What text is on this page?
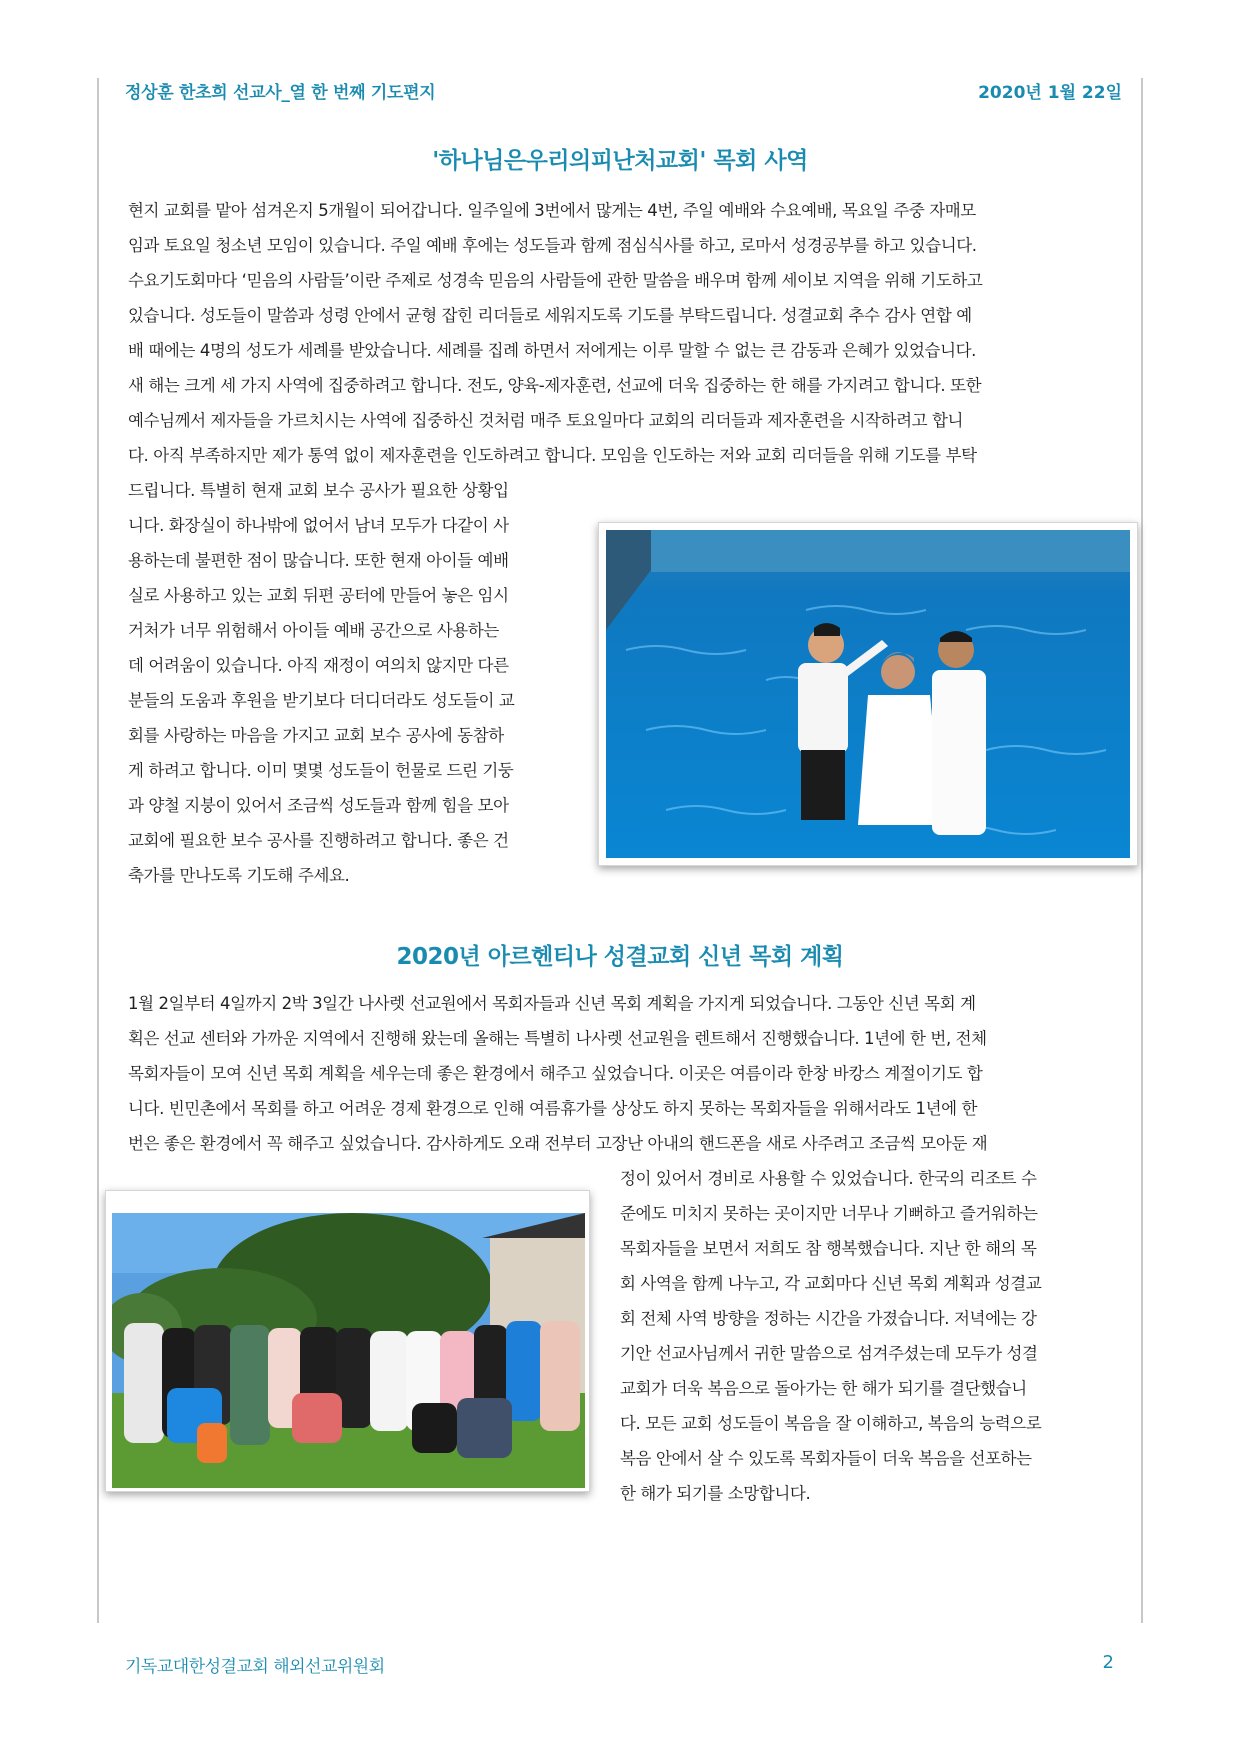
정상훈 한초희 선교사_열 한 번째 기도편지	2020년 1월 22일
'하나님은우리의피난처교회' 목회 사역
현지 교회를 맡아 섬겨온지 5개월이 되어갑니다. 일주일에 3번에서 많게는 4번, 주일 예배와 수요예배, 목요일 주중 자매모
임과 토요일 청소년 모임이 있습니다. 주일 예배 후에는 성도들과 함께 점심식사를 하고, 로마서 성경공부를 하고 있습니다.
수요기도회마다 ‘믿음의 사람들’이란 주제로 성경속 믿음의 사람들에 관한 말씀을 배우며 함께 세이보 지역을 위해 기도하고
있습니다. 성도들이 말씀과 성령 안에서 균형 잡힌 리더들로 세워지도록 기도를 부탁드립니다. 성결교회 추수 감사 연합 예
배 때에는 4명의 성도가 세례를 받았습니다. 세례를 집례 하면서 저에게는 이루 말할 수 없는 큰 감동과 은혜가 있었습니다.
새 해는 크게 세 가지 사역에 집중하려고 합니다. 전도, 양육-제자훈련, 선교에 더욱 집중하는 한 해를 가지려고 합니다. 또한
예수님께서 제자들을 가르치시는 사역에 집중하신 것처럼 매주 토요일마다 교회의 리더들과 제자훈련을 시작하려고 합니
다. 아직 부족하지만 제가 통역 없이 제자훈련을 인도하려고 합니다. 모임을 인도하는 저와 교회 리더들을 위해 기도를 부탁
드립니다. 특별히 현재 교회 보수 공사가 필요한 상황입
니다. 화장실이 하나밖에 없어서 남녀 모두가 다같이 사
용하는데 불편한 점이 많습니다. 또한 현재 아이들 예배
실로 사용하고 있는 교회 뒤편 공터에 만들어 놓은 임시
거처가 너무 위험해서 아이들 예배 공간으로 사용하는
데 어려움이 있습니다. 아직 재정이 여의치 않지만 다른
분들의 도움과 후원을 받기보다 더디더라도 성도들이 교
회를 사랑하는 마음을 가지고 교회 보수 공사에 동참하
게 하려고 합니다. 이미 몇몇 성도들이 헌물로 드린 기둥
과 양철 지붕이 있어서 조금씩 성도들과 함께 힘을 모아
교회에 필요한 보수 공사를 진행하려고 합니다. 좋은 건
축가를 만나도록 기도해 주세요.
2020년 아르헨티나 성결교회 신년 목회 계획
1월 2일부터 4일까지 2박 3일간 나사렛 선교원에서 목회자들과 신년 목회 계획을 가지게 되었습니다. 그동안 신년 목회 계
획은 선교 센터와 가까운 지역에서 진행해 왔는데 올해는 특별히 나사렛 선교원을 렌트해서 진행했습니다. 1년에 한 번, 전체
목회자들이 모여 신년 목회 계획을 세우는데 좋은 환경에서 해주고 싶었습니다. 이곳은 여름이라 한창 바캉스 계절이기도 합
니다. 빈민촌에서 목회를 하고 어려운 경제 환경으로 인해 여름휴가를 상상도 하지 못하는 목회자들을 위해서라도 1년에 한
번은 좋은 환경에서 꼭 해주고 싶었습니다. 감사하게도 오래 전부터 고장난 아내의 핸드폰을 새로 사주려고 조금씩 모아둔 재
정이 있어서 경비로 사용할 수 있었습니다. 한국의 리조트 수
준에도 미치지 못하는 곳이지만 너무나 기뻐하고 즐거워하는
목회자들을 보면서 저희도 참 행복했습니다. 지난 한 해의 목
회 사역을 함께 나누고, 각 교회마다 신년 목회 계획과 성결교
회 전체 사역 방향을 정하는 시간을 가졌습니다. 저녁에는 강
기안 선교사님께서 귀한 말씀으로 섬겨주셨는데 모두가 성결
교회가 더욱 복음으로 돌아가는 한 해가 되기를 결단했습니
다. 모든 교회 성도들이 복음을 잘 이해하고, 복음의 능력으로
복음 안에서 살 수 있도록 목회자들이 더욱 복음을 선포하는
한 해가 되기를 소망합니다.
기독교대한성결교회 해외선교위원회	2
